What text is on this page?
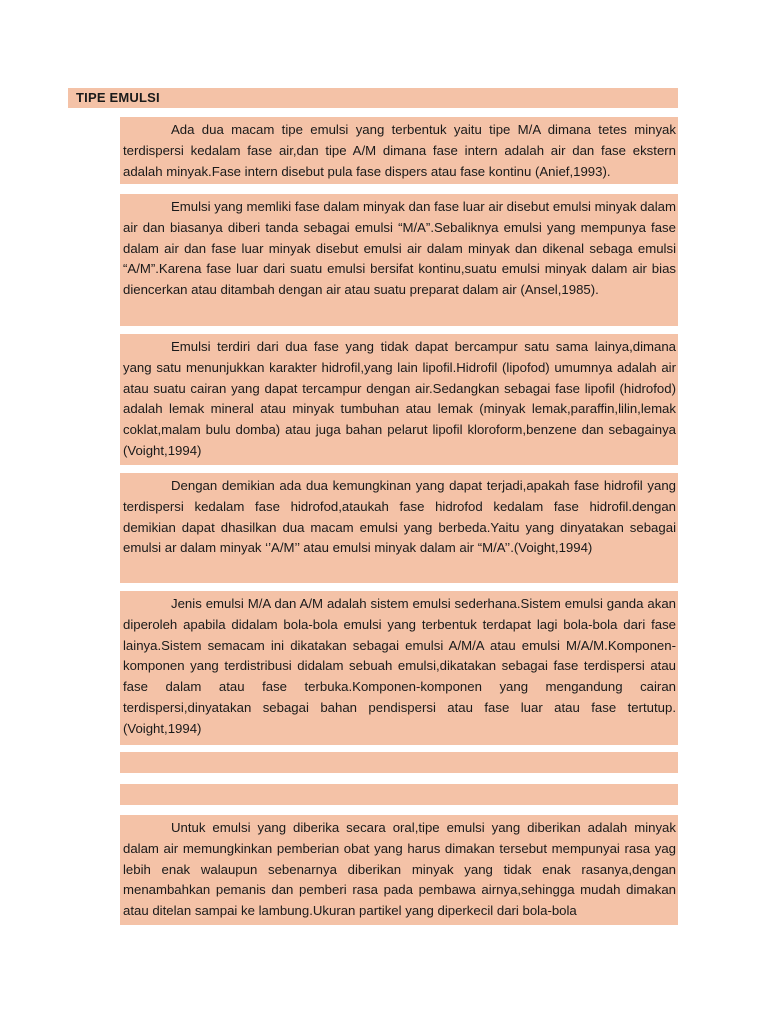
TIPE EMULSI

Ada dua macam tipe emulsi yang terbentuk yaitu tipe M/A dimana tetes minyak terdispersi kedalam fase air,dan tipe A/M dimana fase intern adalah air dan fase ekstern adalah minyak.Fase intern disebut pula fase dispers atau fase kontinu (Anief,1993).

Emulsi yang memliki fase dalam minyak dan fase luar air disebut emulsi minyak dalam air dan biasanya diberi tanda sebagai emulsi “M/A”.Sebaliknya emulsi yang mempunya fase dalam air dan fase luar minyak disebut emulsi air dalam minyak dan dikenal sebaga emulsi “A/M”.Karena fase luar dari suatu emulsi bersifat kontinu,suatu emulsi minyak dalam air bias diencerkan atau ditambah dengan air atau suatu preparat dalam air (Ansel,1985).

Emulsi terdiri dari dua fase yang tidak dapat bercampur satu sama lainya,dimana yang satu menunjukkan karakter hidrofil,yang lain lipofil.Hidrofil (lipofod) umumnya adalah air atau suatu cairan yang dapat tercampur dengan air.Sedangkan sebagai fase lipofil (hidrofod) adalah lemak mineral atau minyak tumbuhan atau lemak (minyak lemak,paraffin,lilin,lemak coklat,malam bulu domba) atau juga bahan pelarut lipofil kloroform,benzene dan sebagainya (Voight,1994)

Dengan demikian ada dua kemungkinan yang dapat terjadi,apakah fase hidrofil yang terdispersi kedalam fase hidrofod,ataukah fase hidrofod kedalam fase hidrofil.dengan demikian dapat dhasilkan dua macam emulsi yang berbeda.Yaitu yang dinyatakan sebagai emulsi ar dalam minyak ‘’A/M’’ atau emulsi minyak dalam air “M/A’’.(Voight,1994)

Jenis emulsi M/A dan A/M adalah sistem emulsi sederhana.Sistem emulsi ganda akan diperoleh apabila didalam bola-bola emulsi yang terbentuk terdapat lagi bola-bola dari fase lainya.Sistem semacam ini dikatakan sebagai emulsi A/M/A atau emulsi M/A/M.Komponen-komponen yang terdistribusi didalam sebuah emulsi,dikatakan sebagai fase terdispersi atau fase dalam atau fase terbuka.Komponen-komponen yang mengandung cairan terdispersi,dinyatakan sebagai bahan pendispersi atau fase luar atau fase tertutup.(Voight,1994)

Untuk emulsi yang diberika secara oral,tipe emulsi yang diberikan adalah minyak dalam air memungkinkan pemberian obat yang harus dimakan tersebut mempunyai rasa yag lebih enak walaupun sebenarnya diberikan minyak yang tidak enak rasanya,dengan menambahkan pemanis dan pemberi rasa pada pembawa airnya,sehingga mudah dimakan atau ditelan sampai ke lambung.Ukuran partikel yang diperkecil dari bola-bola
